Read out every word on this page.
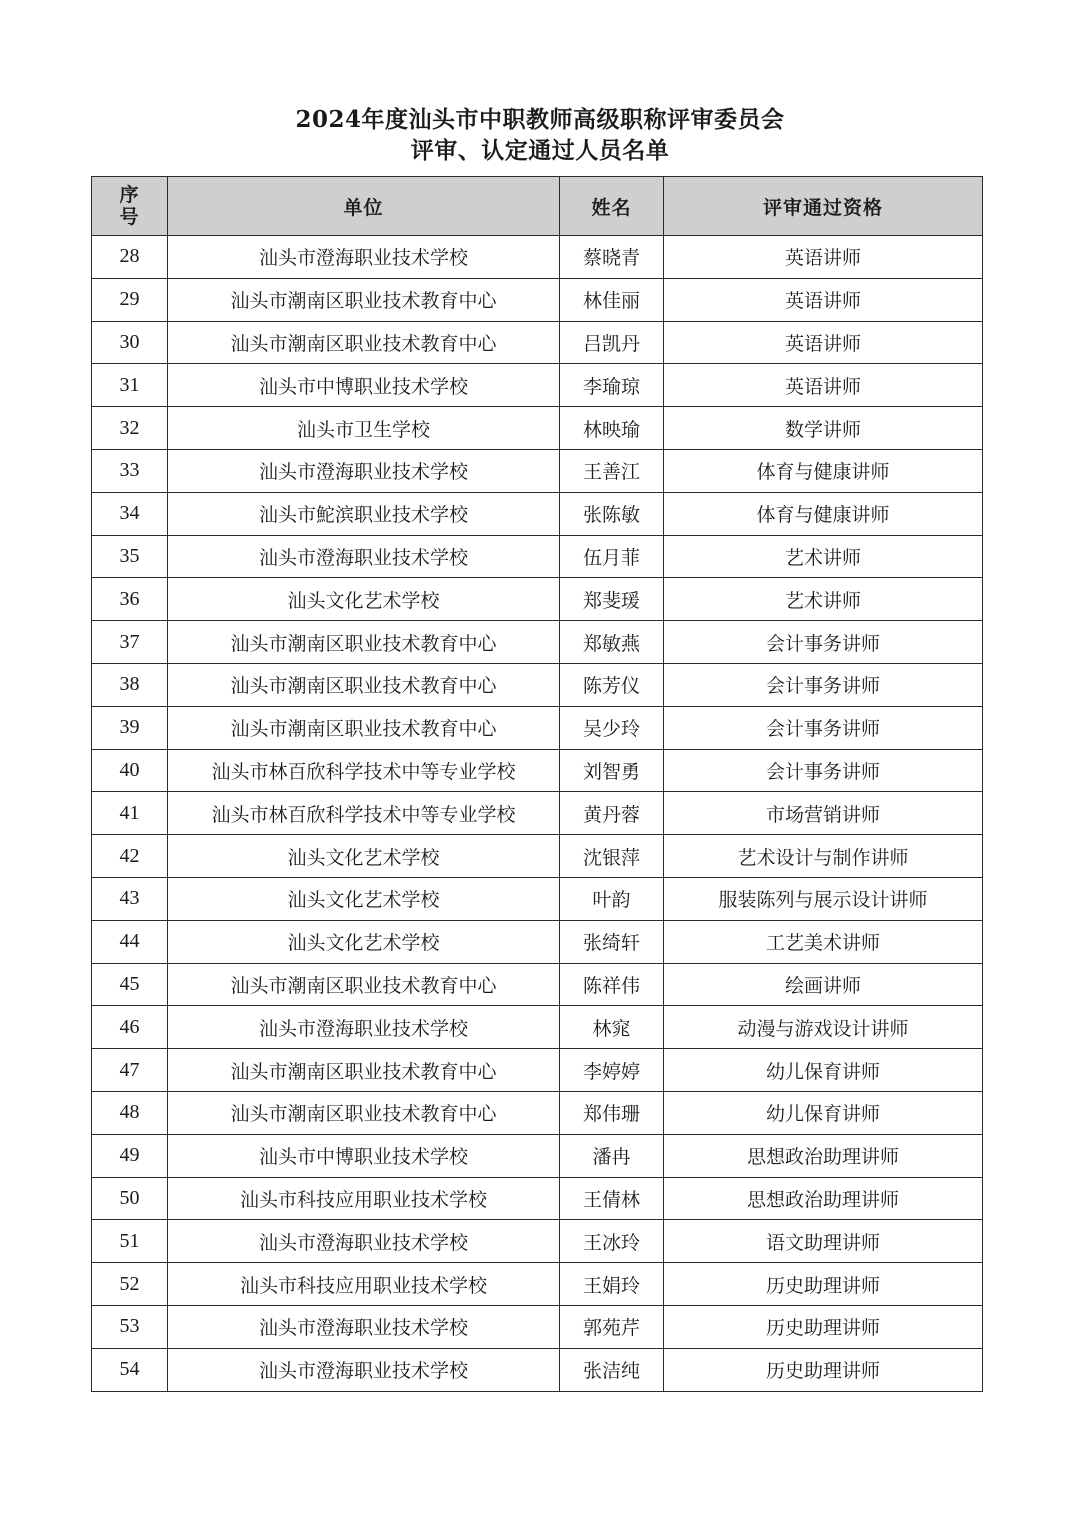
2024年度汕头市中职教师高级职称评审委员会
评审、认定通过人员名单
序
号	单位	姓名	评审通过资格
28	汕头市澄海职业技术学校	蔡晓青	英语讲师
29	汕头市潮南区职业技术教育中心	林佳丽	英语讲师
30	汕头市潮南区职业技术教育中心	吕凯丹	英语讲师
31	汕头市中博职业技术学校	李瑜琼	英语讲师
32	汕头市卫生学校	林映瑜	数学讲师
33	汕头市澄海职业技术学校	王善江	体育与健康讲师
34	汕头市鮀滨职业技术学校	张陈敏	体育与健康讲师
35	汕头市澄海职业技术学校	伍月菲	艺术讲师
36	汕头文化艺术学校	郑斐瑗	艺术讲师
37	汕头市潮南区职业技术教育中心	郑敏燕	会计事务讲师
38	汕头市潮南区职业技术教育中心	陈芳仪	会计事务讲师
39	汕头市潮南区职业技术教育中心	吴少玲	会计事务讲师
40	汕头市林百欣科学技术中等专业学校	刘智勇	会计事务讲师
41	汕头市林百欣科学技术中等专业学校	黄丹蓉	市场营销讲师
42	汕头文化艺术学校	沈银萍	艺术设计与制作讲师
43	汕头文化艺术学校	叶韵	服装陈列与展示设计讲师
44	汕头文化艺术学校	张绮轩	工艺美术讲师
45	汕头市潮南区职业技术教育中心	陈祥伟	绘画讲师
46	汕头市澄海职业技术学校	林窕	动漫与游戏设计讲师
47	汕头市潮南区职业技术教育中心	李婷婷	幼儿保育讲师
48	汕头市潮南区职业技术教育中心	郑伟珊	幼儿保育讲师
49	汕头市中博职业技术学校	潘冉	思想政治助理讲师
50	汕头市科技应用职业技术学校	王倩林	思想政治助理讲师
51	汕头市澄海职业技术学校	王冰玲	语文助理讲师
52	汕头市科技应用职业技术学校	王娟玲	历史助理讲师
53	汕头市澄海职业技术学校	郭苑芹	历史助理讲师
54	汕头市澄海职业技术学校	张洁纯	历史助理讲师
